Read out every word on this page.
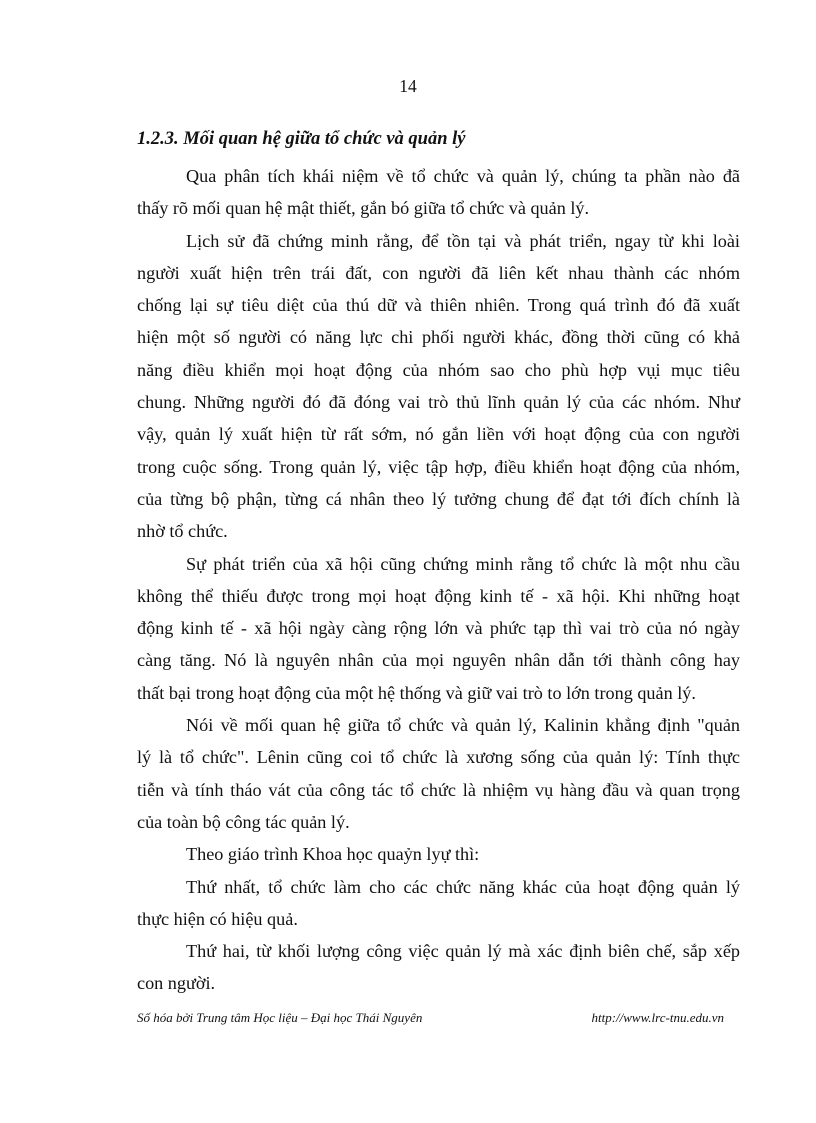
14
1.2.3. Mối quan hệ giữa tổ chức và quản lý
Qua phân tích khái niệm về tổ chức và quản lý, chúng ta phần nào đã
thấy rõ mối quan hệ mật thiết, gắn bó giữa tổ chức và quản lý.
Lịch sử đã chứng minh rằng, để tồn tại và phát triển, ngay từ khi loài
người xuất hiện trên trái đất, con người đã liên kết nhau thành các nhóm
chống lại sự tiêu diệt của thú dữ và thiên nhiên. Trong quá trình đó đã xuất
hiện một số người có năng lực chi phối người khác, đồng thời cũng có khả
năng điều khiển mọi hoạt động của nhóm sao cho phù hợp vụ̣i mục tiêu
chung. Những người đó đã đóng vai trò thủ lĩnh quản lý của các nhóm. Như
vậy, quản lý xuất hiện từ rất sớm, nó gắn liền với hoạt động của con người
trong cuộc sống. Trong quản lý, việc tập hợp, điều khiển hoạt động của nhóm,
của từng bộ phận, từng cá nhân theo lý tưởng chung để đạt tới đích chính là
nhờ tổ chức.
Sự phát triển của xã hội cũng chứng minh rằng tổ chức là một nhu cầu
không thể thiếu được trong mọi hoạt động kinh tế - xã hội. Khi những hoạt
động kinh tế - xã hội ngày càng rộng lớn và phức tạp thì vai trò của nó ngày
càng tăng. Nó là nguyên nhân của mọi nguyên nhân dẫn tới thành công hay
thất bại trong hoạt động của một hệ thống và giữ vai trò to lớn trong quản lý.
Nói về mối quan hệ giữa tổ chức và quản lý, Kalinin khẳng định "quản
lý là tổ chức". Lênin cũng coi tổ chức là xương sống của quản lý: Tính thực
tiễn và tính tháo vát của công tác tổ chức là nhiệm vụ hàng đầu và quan trọng
của toàn bộ công tác quản lý.
Theo giáo trình Khoa học quaỷn lyự thì:
Thứ nhất, tổ chức làm cho các chức năng khác của hoạt động quản lý
thực hiện có hiệu quả.
Thứ hai, từ khối lượng công việc quản lý mà xác định biên chế, sắp xếp
con người.
Số hóa bởi Trung tâm Học liệu – Đại học Thái Nguyên	http://www.lrc-tnu.edu.vn
